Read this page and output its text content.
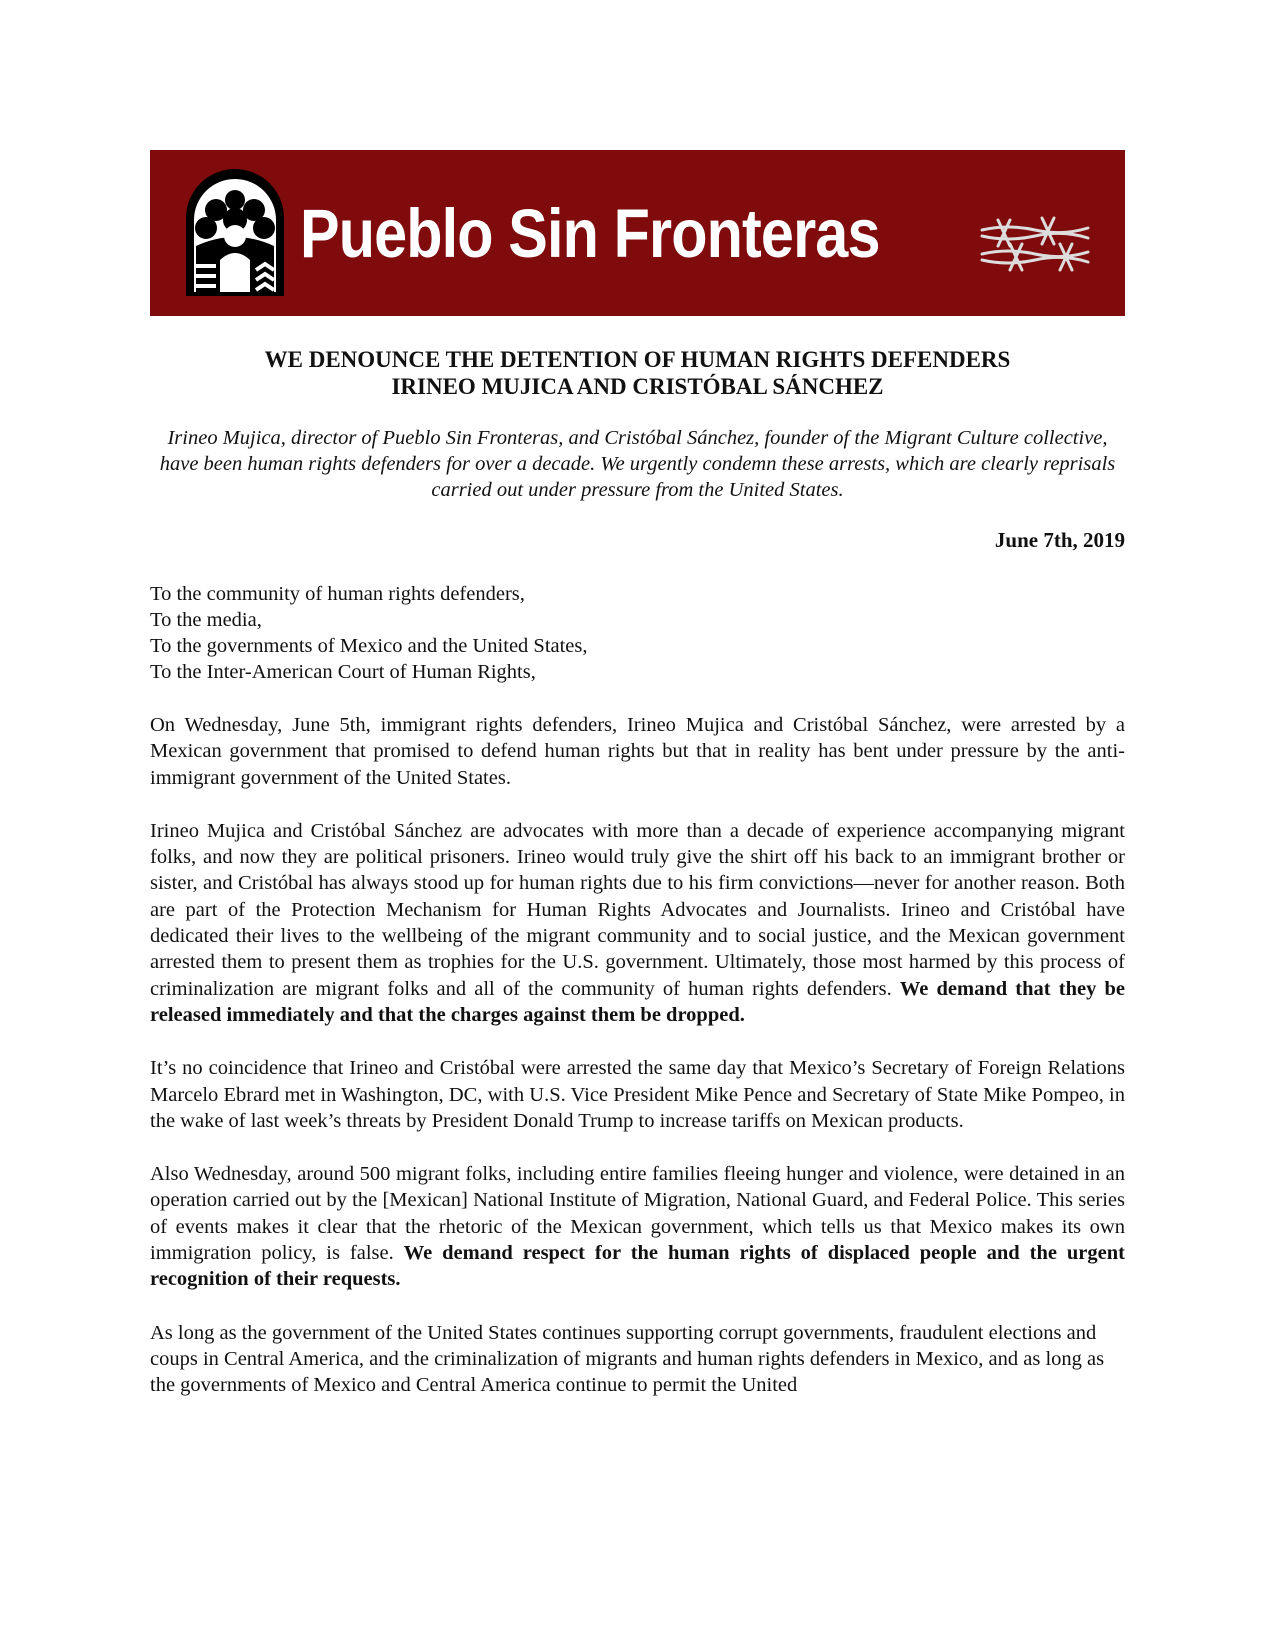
Pueblo Sin Fronteras
WE DENOUNCE THE DETENTION OF HUMAN RIGHTS DEFENDERS
IRINEO MUJICA AND CRISTÓBAL SÁNCHEZ
Irineo Mujica, director of Pueblo Sin Fronteras, and Cristóbal Sánchez, founder of the Migrant Culture collective, have been human rights defenders for over a decade. We urgently condemn these arrests, which are clearly reprisals carried out under pressure from the United States.
June 7th, 2019
To the community of human rights defenders,
To the media,
To the governments of Mexico and the United States,
To the Inter-American Court of Human Rights,
On Wednesday, June 5th, immigrant rights defenders, Irineo Mujica and Cristóbal Sánchez, were arrested by a Mexican government that promised to defend human rights but that in reality has bent under pressure by the anti-immigrant government of the United States.
Irineo Mujica and Cristóbal Sánchez are advocates with more than a decade of experience accompanying migrant folks, and now they are political prisoners. Irineo would truly give the shirt off his back to an immigrant brother or sister, and Cristóbal has always stood up for human rights due to his firm convictions—never for another reason. Both are part of the Protection Mechanism for Human Rights Advocates and Journalists. Irineo and Cristóbal have dedicated their lives to the wellbeing of the migrant community and to social justice, and the Mexican government arrested them to present them as trophies for the U.S. government. Ultimately, those most harmed by this process of criminalization are migrant folks and all of the community of human rights defenders. We demand that they be released immediately and that the charges against them be dropped.
It’s no coincidence that Irineo and Cristóbal were arrested the same day that Mexico’s Secretary of Foreign Relations Marcelo Ebrard met in Washington, DC, with U.S. Vice President Mike Pence and Secretary of State Mike Pompeo, in the wake of last week’s threats by President Donald Trump to increase tariffs on Mexican products.
Also Wednesday, around 500 migrant folks, including entire families fleeing hunger and violence, were detained in an operation carried out by the [Mexican] National Institute of Migration, National Guard, and Federal Police. This series of events makes it clear that the rhetoric of the Mexican government, which tells us that Mexico makes its own immigration policy, is false. We demand respect for the human rights of displaced people and the urgent recognition of their requests.
As long as the government of the United States continues supporting corrupt governments, fraudulent elections and coups in Central America, and the criminalization of migrants and human rights defenders in Mexico, and as long as the governments of Mexico and Central America continue to permit the United
